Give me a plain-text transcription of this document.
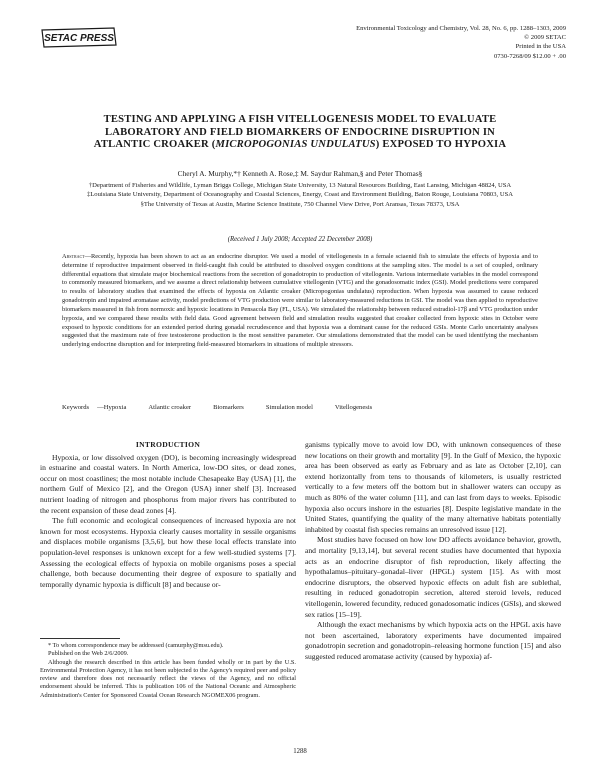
SETAC PRESS
Environmental Toxicology and Chemistry, Vol. 28, No. 6, pp. 1288–1303, 2009
© 2009 SETAC
Printed in the USA
0730-7268/09 $12.00 + .00
TESTING AND APPLYING A FISH VITELLOGENESIS MODEL TO EVALUATE
LABORATORY AND FIELD BIOMARKERS OF ENDOCRINE DISRUPTION IN
ATLANTIC CROAKER (MICROPOGONIAS UNDULATUS) EXPOSED TO HYPOXIA
Cheryl A. Murphy,*† Kenneth A. Rose,‡ M. Saydur Rahman,§ and Peter Thomas§

†Department of Fisheries and Wildlife, Lyman Briggs College, Michigan State University, 13 Natural Resources Building, East Lansing, Michigan 48824, USA

‡Louisiana State University, Department of Oceanography and Coastal Sciences, Energy, Coast and Environment Building, Baton Rouge, Louisiana 70803, USA

§The University of Texas at Austin, Marine Science Institute, 750 Channel View Drive, Port Aransas, Texas 78373, USA

(Received 1 July 2008; Accepted 22 December 2008)
Abstract—Recently, hypoxia has been shown to act as an endocrine disruptor. We used a model of vitellogenesis in a female sciaenid fish to simulate the effects of hypoxia and to determine if reproductive impairment observed in field-caught fish could be attributed to dissolved oxygen conditions at the sampling sites. The model is a set of coupled, ordinary differential equations that simulate major biochemical reactions from the secretion of gonadotropin to production of vitellogenin. Various intermediate variables in the model correspond to commonly measured biomarkers, and we assume a direct relationship between cumulative vitellogenin (VTG) and the gonadosomatic index (GSI). Model predictions were compared to results of laboratory studies that examined the effects of hypoxia on Atlantic croaker (Micropogonias undulatus) reproduction. When hypoxia was assumed to cause reduced gonadotropin and impaired aromatase activity, model predictions of VTG production were similar to laboratory-measured reductions in GSI. The model was then applied to reproductive biomarkers measured in fish from normoxic and hypoxic locations in Pensacola Bay (FL, USA). We simulated the relationship between reduced estradiol-17β and VTG production under hypoxia, and we compared these results with field data. Good agreement between field and simulation results suggested that croaker collected from hypoxic sites in October were exposed to hypoxic conditions for an extended period during gonadal recrudescence and that hypoxia was a dominant cause for the reduced GSIs. Monte Carlo uncertainty analyses suggested that the maximum rate of free testosterone production is the most sensitive parameter. Our simulations demonstrated that the model can be used identifying the mechanism underlying endocrine disruption and for interpreting field-measured biomarkers in situations of multiple stressors.
Keywords —Hypoxia	Atlantic croaker	Biomarkers	Simulation model	Vitellogenesis
INTRODUCTION

Hypoxia, or low dissolved oxygen (DO), is becoming increasingly widespread in estuarine and coastal waters. In North America, low-DO sites, or dead zones, occur on most coastlines; the most notable include Chesapeake Bay (USA) [1], the northern Gulf of Mexico [2], and the Oregon (USA) inner shelf [3]. Increased nutrient loading of nitrogen and phosphorus from major rivers has contributed to the recent expansion of these dead zones [4].

The full economic and ecological consequences of increased hypoxia are not known for most ecosystems. Hypoxia clearly causes mortality in sessile organisms and displaces mobile organisms [3,5,6], but how these local effects translate into population-level responses is unknown except for a few well-studied systems [7]. Assessing the ecological effects of hypoxia on mobile organisms poses a special challenge, both because documenting their degree of exposure to spatially and temporally dynamic hypoxia is difficult [8] and because or-

* To whom correspondence may be addressed (camurphy@msu.edu).

Published on the Web 2/6/2009.

Although the research described in this article has been funded wholly or in part by the U.S. Environmental Protection Agency, it has not been subjected to the Agency's required peer and policy review and therefore does not necessarily reflect the views of the Agency, and no official endorsement should be inferred. This is publication 106 of the National Oceanic and Atmospheric Administration's Center for Sponsored Coastal Ocean Research NGOMEX06 program.

ganisms typically move to avoid low DO, with unknown consequences of these new locations on their growth and mortality [9]. In the Gulf of Mexico, the hypoxic area has been observed as early as February and as late as October [2,10], can extend horizontally from tens to thousands of kilometers, is usually restricted vertically to a few meters off the bottom but in shallower waters can occupy as much as 80% of the water column [11], and can last from days to weeks. Episodic hypoxia also occurs inshore in the estuaries [8]. Despite legislative mandate in the United States, quantifying the quality of the many alternative habitats potentially inhabited by coastal fish species remains an unresolved issue [12].

Most studies have focused on how low DO affects avoidance behavior, growth, and mortality [9,13,14], but several recent studies have documented that hypoxia acts as an endocrine disruptor of fish reproduction, likely affecting the hypothalamus–pituitary–gonadal–liver (HPGL) system [15]. As with most endocrine disruptors, the observed hypoxic effects on adult fish are sublethal, resulting in reduced gonadotropin secretion, altered steroid levels, reduced vitellogenin, lowered fecundity, reduced gonadosomatic indices (GSIs), and skewed sex ratios [15–19].

Although the exact mechanisms by which hypoxia acts on the HPGL axis have not been ascertained, laboratory experiments have documented impaired gonadotropin secretion and gonadotropin–releasing hormone function [15] and also suggested reduced aromatase activity (caused by hypoxia) af-

1288
